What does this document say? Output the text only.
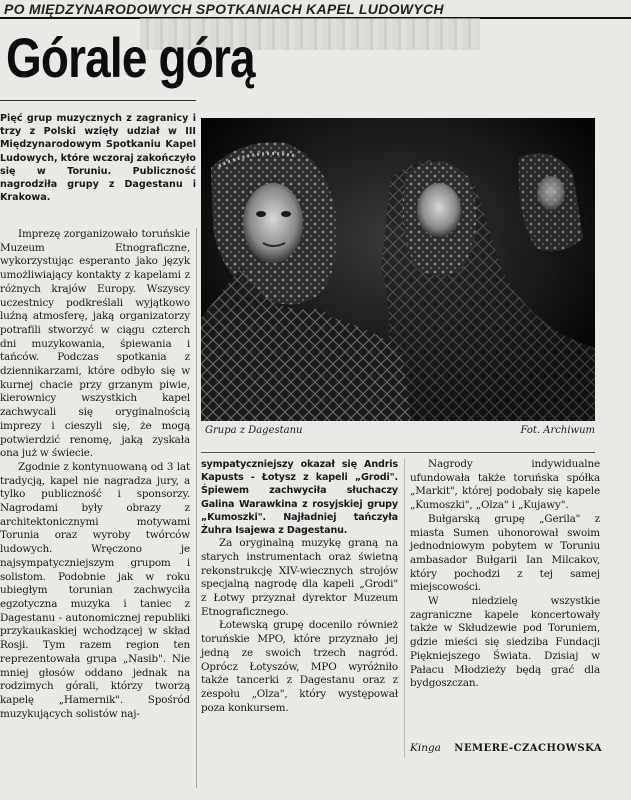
PO MIĘDZYNARODOWYCH SPOTKANIACH KAPEL LUDOWYCH
Górale górą
Pięć grup muzycznych z zagranicy i trzy z Polski wzięły udział w III Międzynarodowym Spotkaniu Kapel Ludowych, które wczoraj zakończyło się w Toruniu. Publiczność nagrodziła grupy z Dagestanu i Krakowa.

Imprezę zorganizowało toruńskie Muzeum Etnograficzne, wykorzystując esperanto jako język umożliwiający kontakty z kapelami z różnych krajów Europy. Wszyscy uczestnicy podkreślali wyjątkowo luźną atmosferę, jaką organizatorzy potrafili stworzyć w ciągu czterch dni muzykowania, śpiewania i tańców. Podczas spotkania z dziennikarzami, które odbyło się w kurnej chacie przy grzanym piwie, kierownicy wszystkich kapel zachwycali się oryginalnością imprezy i cieszyli się, że mogą potwierdzić renomę, jaką zyskała ona już w świecie.

Zgodnie z kontynuowaną od 3 lat tradycją, kapel nie nagradza jury, a tylko publiczność i sponsorzy. Nagrodami były obrazy z architektonicznymi motywami Torunia oraz wyroby twórców ludowych. Wręczono je najsympatyczniejszym grupom i solistom. Podobnie jak w roku ubiegłym torunian zachwyciła egzotyczna muzyka i taniec z Dagestanu - autonomicznej republiki przykaukaskiej wchodzącej w skład Rosji. Tym razem region ten reprezentowała grupa „Nasib". Nie mniej głosów oddano jednak na rodzimych górali, którzy tworzą kapelę „Hamernik". Spośród muzykujących solistów naj-

Grupa z Dagestanu	Fot. Archiwum
sympatyczniejszy okazał się Andris Kapusts - Łotysz z kapeli „Grodi". Śpiewem zachwyciła słuchaczy Galina Warawkina z rosyjskiej grupy „Kumoszki". Najładniej tańczyła Żuhra Isajewa z Dagestanu.

Za oryginalną muzykę graną na starych instrumentach oraz świetną rekonstrukcję XIV-wiecznych strojów specjalną nagrodę dla kapeli „Grodi" z Łotwy przyznał dyrektor Muzeum Etnograficznego.

Łotewską grupę docenilo również toruńskie MPO, które przyznało jej jedną ze swoich trzech nagród. Oprócz Łotyszów, MPO wyróżniło także tancerki z Dagestanu oraz z zespołu „Olza", który występował poza konkursem.

Nagrody indywidualne ufundowała także toruńska spółka „Markit", której podobały się kapele „Kumoszki", „Olza" i „Kujawy".

Bułgarską grupę „Gerila" z miasta Sumen uhonorował swoim jednodniowym pobytem w Toruniu ambasador Bułgarii Ian Milcakov, który pochodzi z tej samej miejscowości.

W niedzielę wszystkie zagraniczne kapele koncertowały także w Skłudzewie pod Toruniem, gdzie mieści się siedziba Fundacji Piękniejszego Świata. Dzisiaj w Pałacu Młodzieży będą grać dla bydgoszczan.

Kinga NEMERE-CZACHOWSKA
